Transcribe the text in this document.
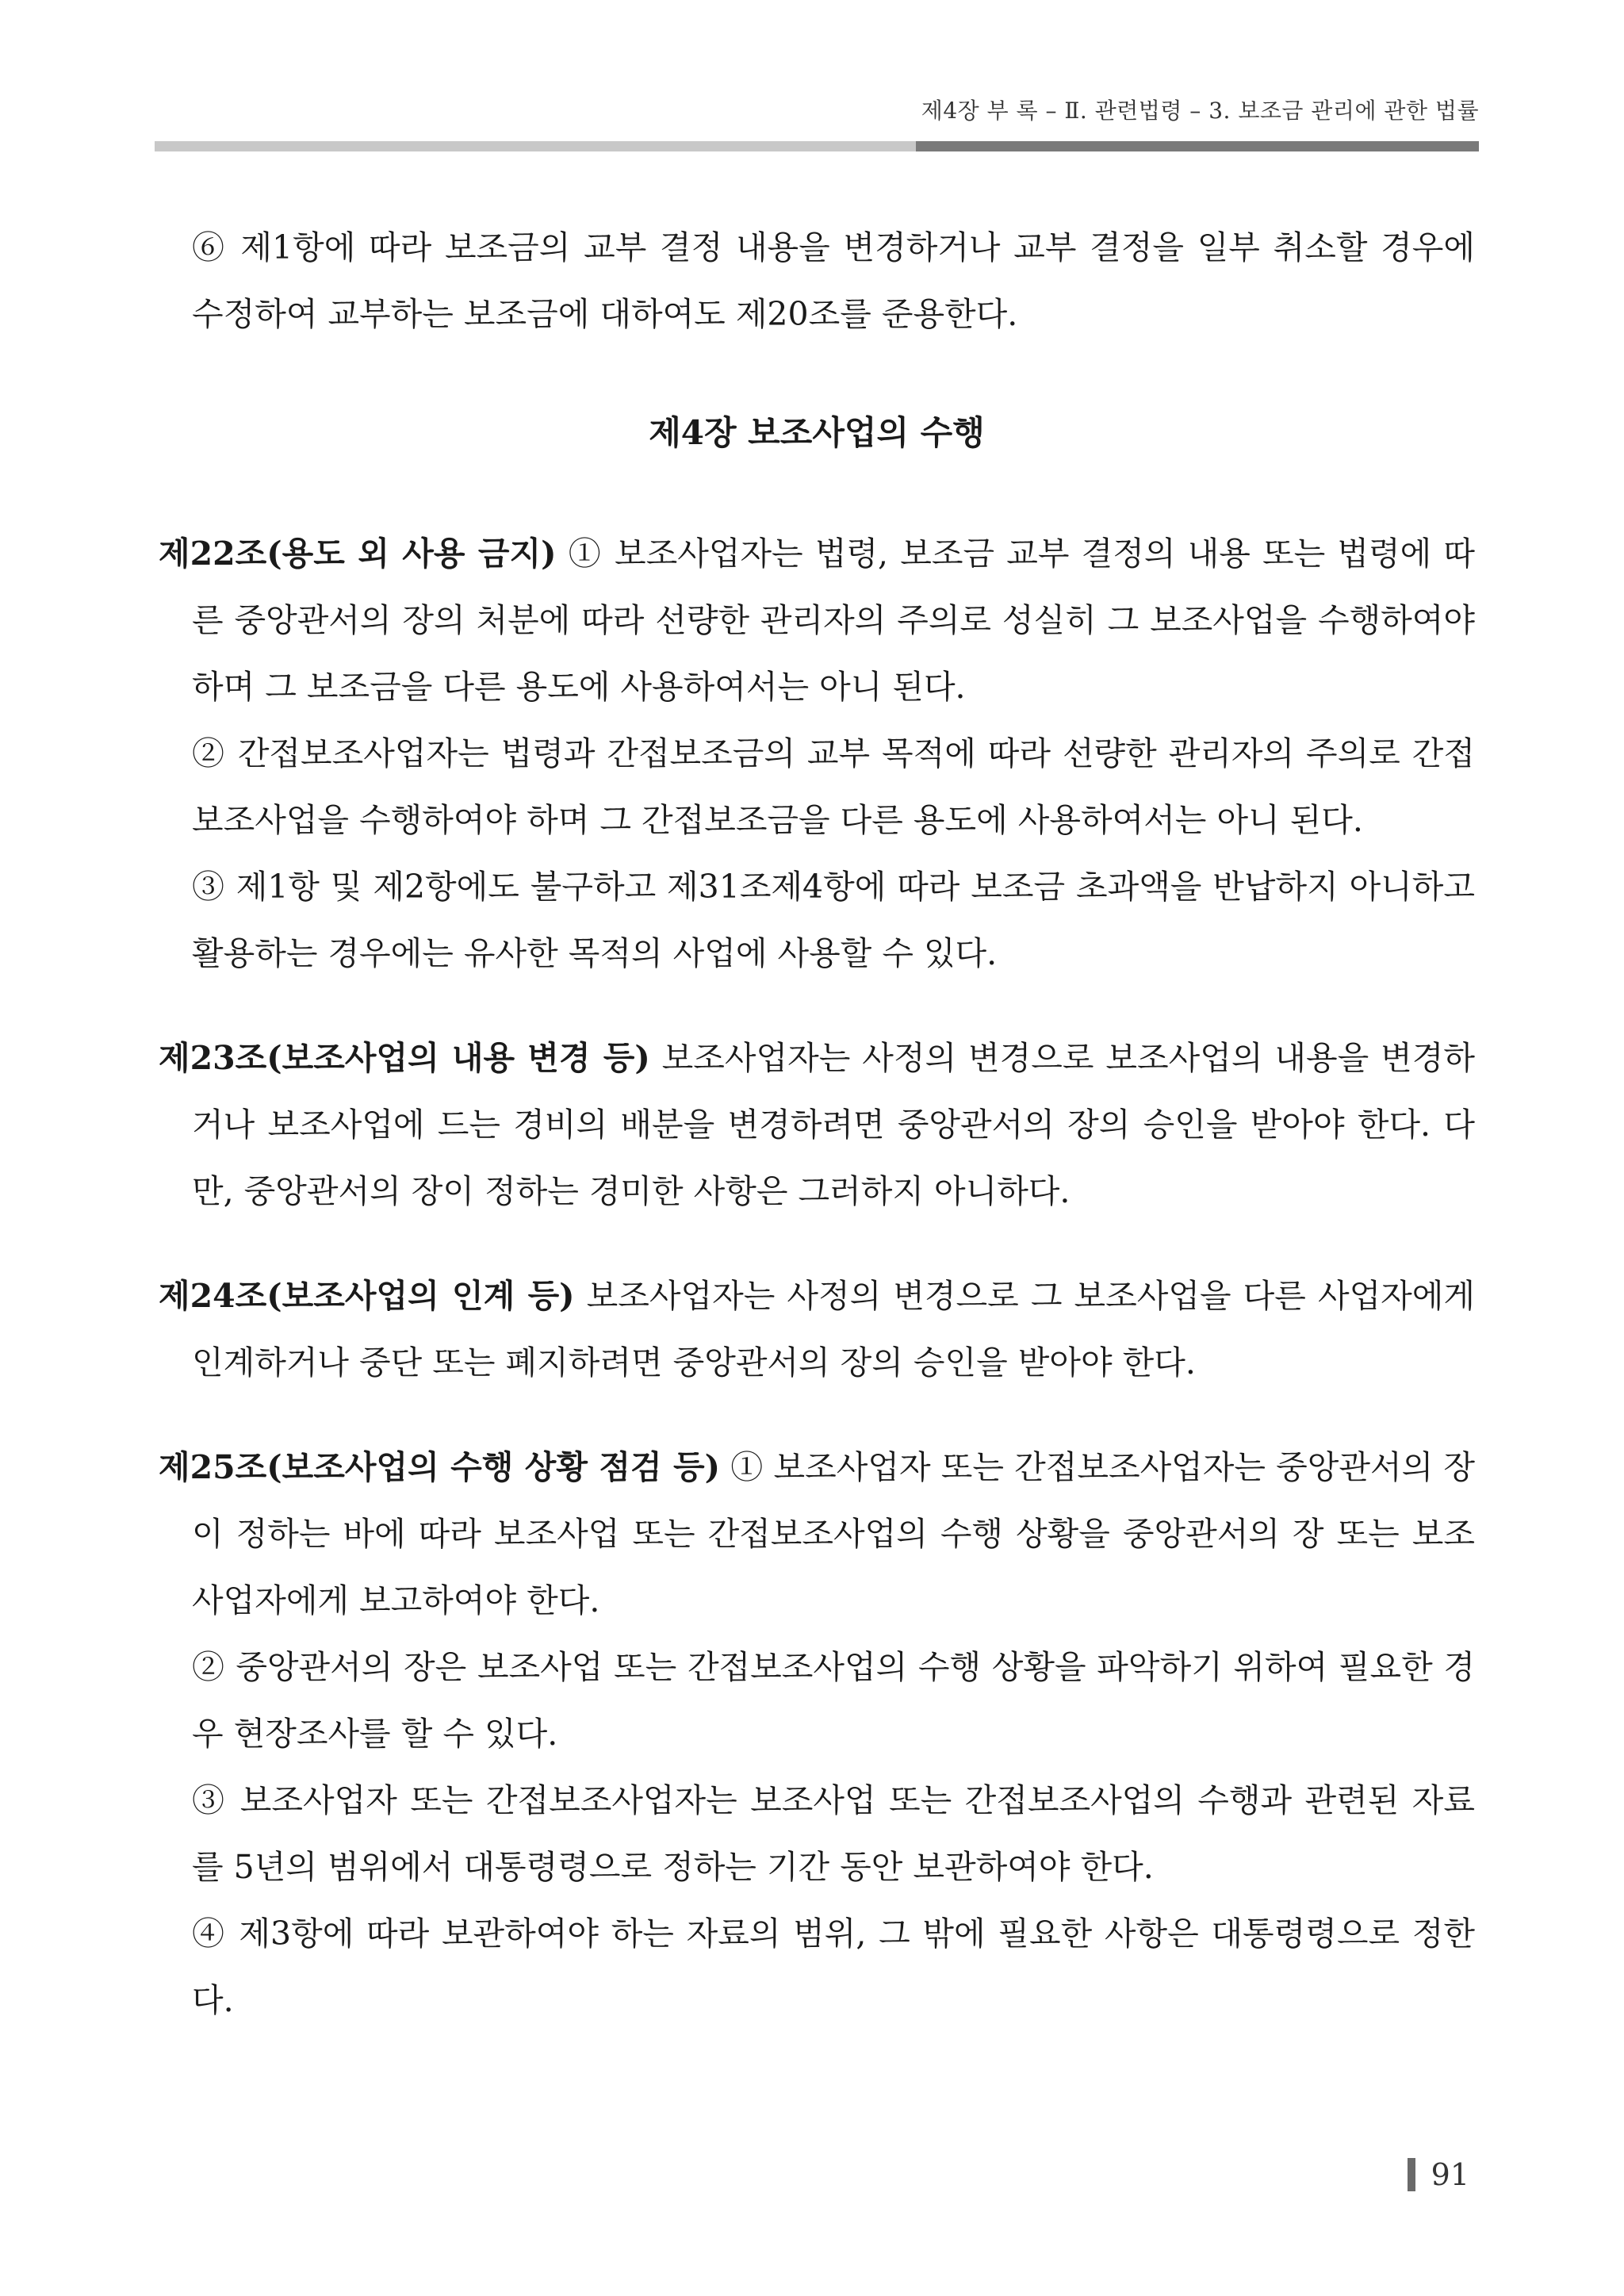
제4장 부 록 – Ⅱ. 관련법령 – 3. 보조금 관리에 관한 법률
⑥ 제1항에 따라 보조금의 교부 결정 내용을 변경하거나 교부 결정을 일부 취소할 경우에 수정하여 교부하는 보조금에 대하여도 제20조를 준용한다.
제4장 보조사업의 수행
제22조(용도 외 사용 금지) ① 보조사업자는 법령, 보조금 교부 결정의 내용 또는 법령에 따른 중앙관서의 장의 처분에 따라 선량한 관리자의 주의로 성실히 그 보조사업을 수행하여야 하며 그 보조금을 다른 용도에 사용하여서는 아니 된다.
② 간접보조사업자는 법령과 간접보조금의 교부 목적에 따라 선량한 관리자의 주의로 간접보조사업을 수행하여야 하며 그 간접보조금을 다른 용도에 사용하여서는 아니 된다.
③ 제1항 및 제2항에도 불구하고 제31조제4항에 따라 보조금 초과액을 반납하지 아니하고 활용하는 경우에는 유사한 목적의 사업에 사용할 수 있다.
제23조(보조사업의 내용 변경 등) 보조사업자는 사정의 변경으로 보조사업의 내용을 변경하거나 보조사업에 드는 경비의 배분을 변경하려면 중앙관서의 장의 승인을 받아야 한다. 다만, 중앙관서의 장이 정하는 경미한 사항은 그러하지 아니하다.
제24조(보조사업의 인계 등) 보조사업자는 사정의 변경으로 그 보조사업을 다른 사업자에게 인계하거나 중단 또는 폐지하려면 중앙관서의 장의 승인을 받아야 한다.
제25조(보조사업의 수행 상황 점검 등) ① 보조사업자 또는 간접보조사업자는 중앙관서의 장이 정하는 바에 따라 보조사업 또는 간접보조사업의 수행 상황을 중앙관서의 장 또는 보조사업자에게 보고하여야 한다.
② 중앙관서의 장은 보조사업 또는 간접보조사업의 수행 상황을 파악하기 위하여 필요한 경우 현장조사를 할 수 있다.
③ 보조사업자 또는 간접보조사업자는 보조사업 또는 간접보조사업의 수행과 관련된 자료를 5년의 범위에서 대통령령으로 정하는 기간 동안 보관하여야 한다.
④ 제3항에 따라 보관하여야 하는 자료의 범위, 그 밖에 필요한 사항은 대통령령으로 정한다.
91
